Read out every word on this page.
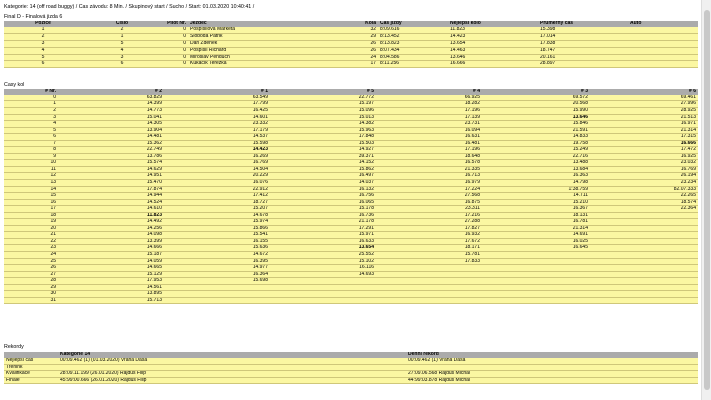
Kategorie: 14 (off road buggy) / Cas závodu: 8 Min. / Skupinový start / Sucho / Start: 01.03.2020 10:40:41 /
Final D - Finalová jizda 6
Pozice	Cislo	Pilot Nr.	Jezdec	Kola	Cas jizdy	Nejlepší kolo	Prumerný cas	Auto
1	2	0	Pospíšilová Markéta	32	8:09.616	11.823	15.398	
2	1	0	Sloboda Patrik	29	8:13.452	14.423	17.014	
3	5	0	Dan Zdeněk	26	8:13.823	13.654	17.838	
4	4	0	Pospíšil Richard	26	8:07.434	14.463	18.747	
5	3	0	Miroslav Penduch	24	8:04.586	13.646	20.161	
6	6	0	Kukačík Terezka	17	8:11.256	16.666	28.897	
Casy kol
# Nr.	# 2	# 1	# 5	# 4	# 3	# 6
0	63.829	63.549	22.772	66.925	69.572	69.461
1	14.399	17.799	15.197	18.282	20.568	27.996
2	14.773	16.425	15.096	17.196	15.990	28.925
3	15.041	14.601	15.013	17.139	13.646	21.513
4	14.305	23.332	14.382	23.731	15.846	16.971
5	13.904	17.179	15.963	16.094	21.591	21.314
6	14.481	14.537	17.848	16.631	14.833	17.315
7	15.362	15.598	15.503	16.481	19.758	16.666
8	22.749	14.423	14.927	17.196	15.249	17.472
9	13.786	16.269	39.371	18.648	22.716	16.925
10	15.574	16.769	14.152	16.578	13.488	23.032
11	14.629	14.504	15.862	21.335	13.684	16.769
12	14.951	20.229	16.497	16.713	16.363	26.194
13	15.470	16.076	14.037	16.979	14.798	23.234
14	17.874	22.912	16.132	17.224	1:38.759	82.07.333
15	14.944	17.412	16.756	27.568	14.711	22.265
16	14.524	18.727	16.065	16.875	15.210	18.574
17	14.610	15.207	15.178	23.311	16.367	22.364
18	11.823	14.678	16.736	17.216	18.131	
19	14.492	15.974	21.178	27.288	16.781	
20	14.256	15.866	17.291	17.827	21.314	
21	14.098	15.541	15.971	16.932	14.691	
22	13.399	16.155	16.633	17.672	16.025	
23	14.666	15.636	13.654	18.171	16.645	
24	15.187	14.672	25.552	15.781		
25	14.059	16.395	15.102	17.833		
26	14.665	14.977	16.116			
27	15.129	16.364	14.693			
28	17.953	15.698				
29	14.561					
30	13.895					
31	15.713					
Rekordy
	Kategorie 14		Denni rekord
Nejlepší cas	00:09.462 (1) (01.03.2020) Vrána Dáša		00:09.462 (1) Vrána Dáša
Trénink			
Kvalifikace	28:09.11.199 (26.01.2020) Rajdus Filip		27:09.06.568 Rajdus Michal
Finále	45:99:00.666 (26.01.2020) Rajdus Filip		44:99:03.878 Rajdus Michal
